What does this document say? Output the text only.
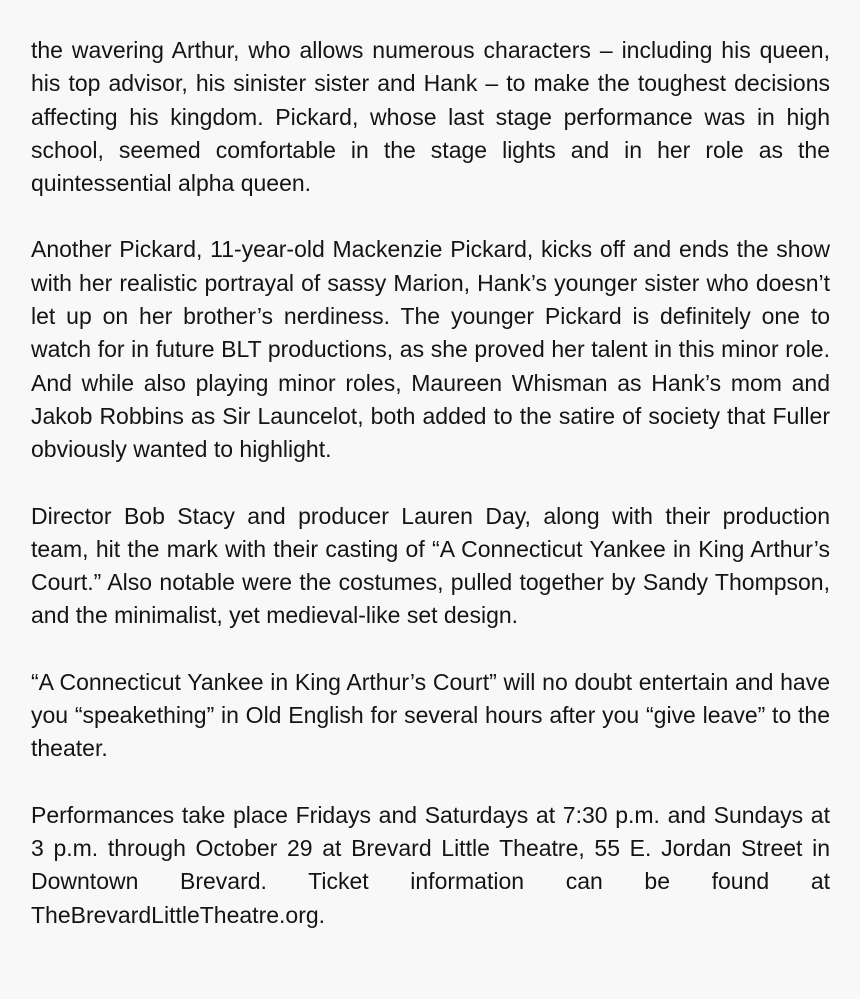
the wavering Arthur, who allows numerous characters – including his queen, his top advisor, his sinister sister and Hank – to make the toughest decisions affecting his kingdom. Pickard, whose last stage performance was in high school, seemed comfortable in the stage lights and in her role as the quintessential alpha queen.

Another Pickard, 11-year-old Mackenzie Pickard, kicks off and ends the show with her realistic portrayal of sassy Marion, Hank’s younger sister who doesn’t let up on her brother’s nerdiness. The younger Pickard is definitely one to watch for in future BLT productions, as she proved her talent in this minor role. And while also playing minor roles, Maureen Whisman as Hank’s mom and Jakob Robbins as Sir Launcelot, both added to the satire of society that Fuller obviously wanted to highlight.

Director Bob Stacy and producer Lauren Day, along with their production team, hit the mark with their casting of “A Connecticut Yankee in King Arthur’s Court.” Also notable were the costumes, pulled together by Sandy Thompson, and the minimalist, yet medieval-like set design.

“A Connecticut Yankee in King Arthur’s Court” will no doubt entertain and have you “speakething” in Old English for several hours after you “give leave” to the theater.

Performances take place Fridays and Saturdays at 7:30 p.m. and Sundays at 3 p.m. through October 29 at Brevard Little Theatre, 55 E. Jordan Street in Downtown Brevard. Ticket information can be found at TheBrevardLittleTheatre.org.
